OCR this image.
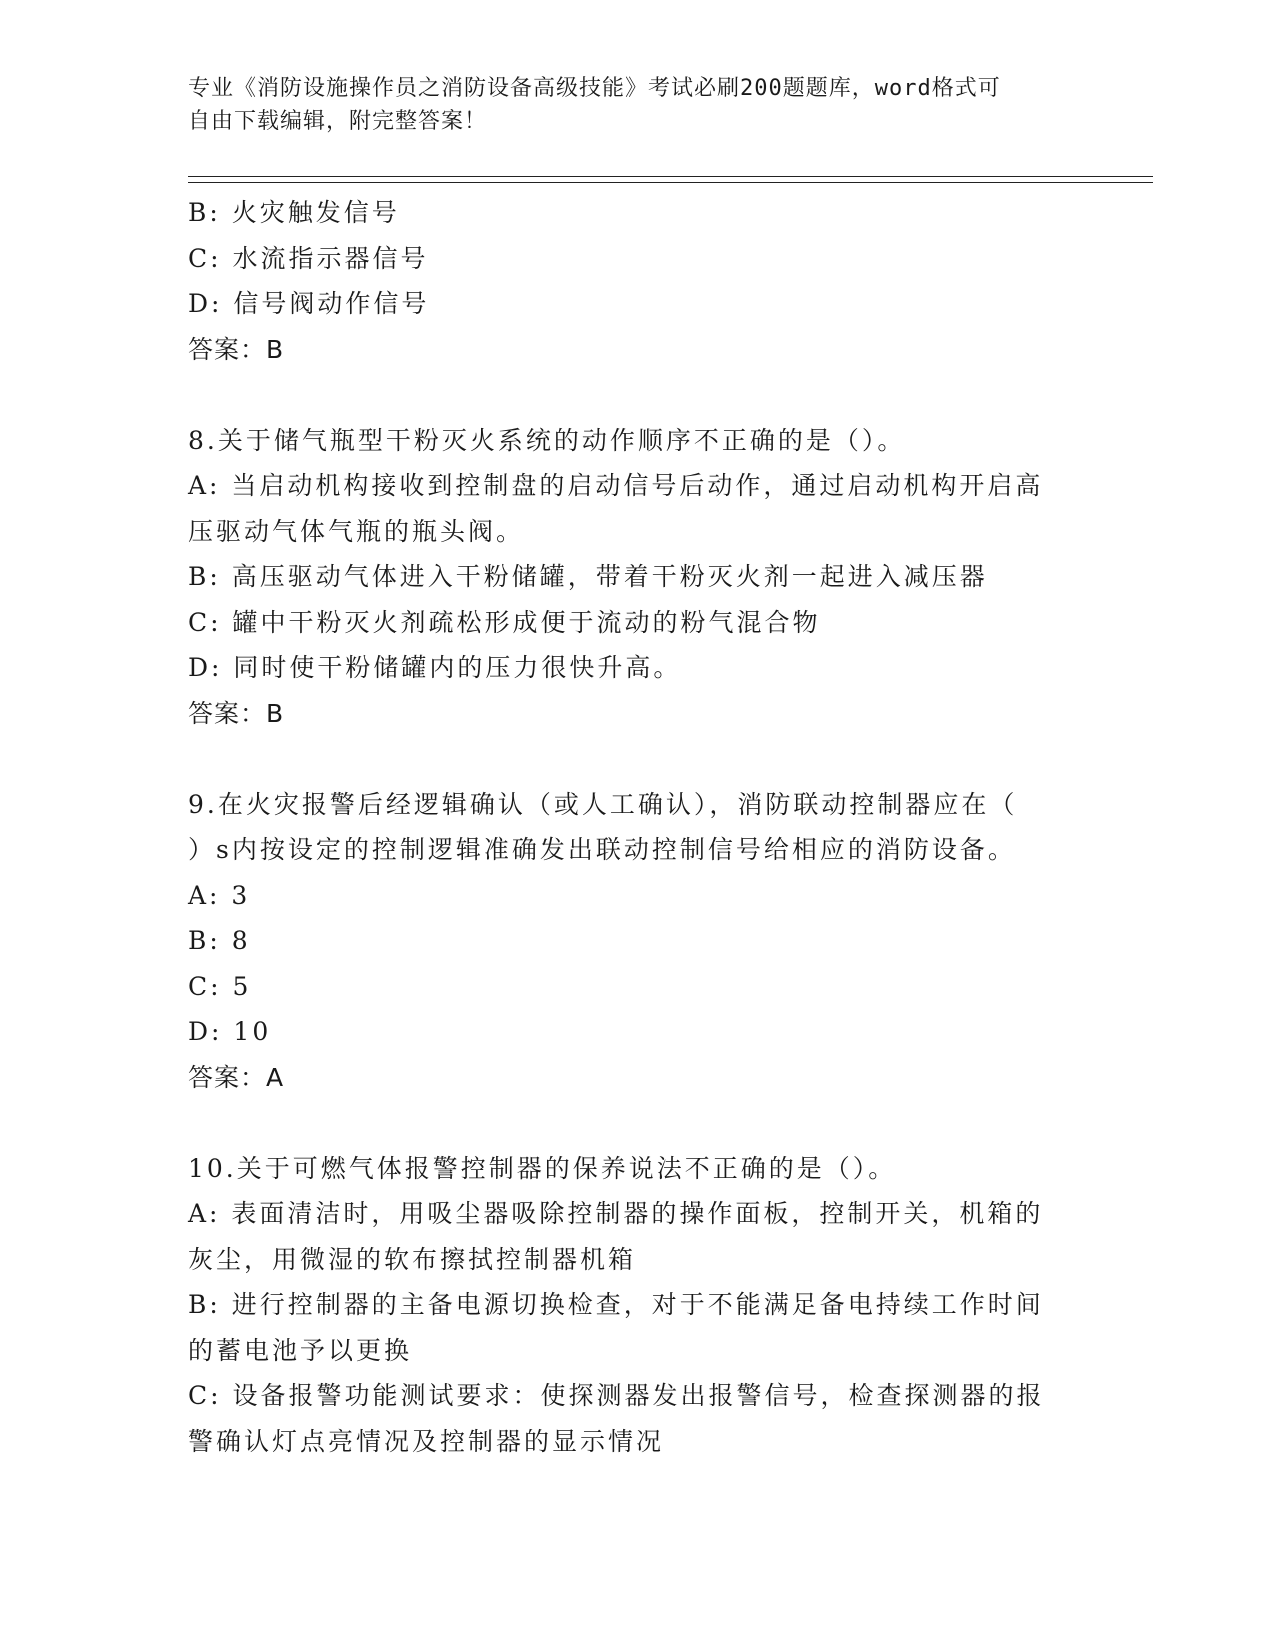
专业《消防设施操作员之消防设备高级技能》考试必刷200题题库，word格式可
自由下载编辑，附完整答案！
B: 火灾触发信号
C: 水流指示器信号
D: 信号阀动作信号
答案：B
8.关于储气瓶型干粉灭火系统的动作顺序不正确的是（）。
A: 当启动机构接收到控制盘的启动信号后动作，通过启动机构开启高
压驱动气体气瓶的瓶头阀。
B: 高压驱动气体进入干粉储罐，带着干粉灭火剂一起进入减压器
C: 罐中干粉灭火剂疏松形成便于流动的粉气混合物
D: 同时使干粉储罐内的压力很快升高。
答案：B
9.在火灾报警后经逻辑确认（或人工确认），消防联动控制器应在（
）s内按设定的控制逻辑准确发出联动控制信号给相应的消防设备。
A: 3
B: 8
C: 5
D: 10
答案：A
10.关于可燃气体报警控制器的保养说法不正确的是（）。
A: 表面清洁时，用吸尘器吸除控制器的操作面板，控制开关，机箱的
灰尘，用微湿的软布擦拭控制器机箱
B: 进行控制器的主备电源切换检查，对于不能满足备电持续工作时间
的蓄电池予以更换
C: 设备报警功能测试要求：使探测器发出报警信号，检查探测器的报
警确认灯点亮情况及控制器的显示情况
